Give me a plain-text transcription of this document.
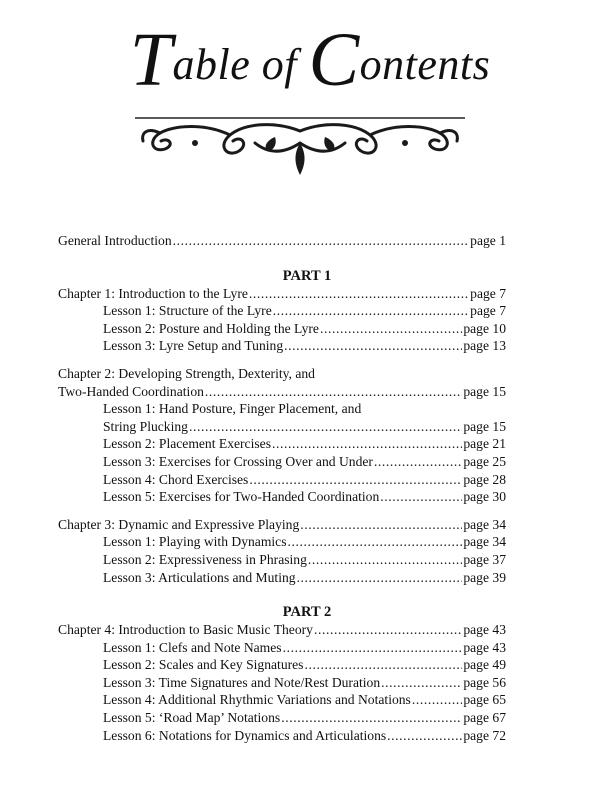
Table of Contents
General Introduction .....	page 1
PART 1
Chapter 1: Introduction to the Lyre .....	page 7
Lesson 1: Structure of the Lyre .....	page 7
Lesson 2: Posture and Holding the Lyre .....	page 10
Lesson 3: Lyre Setup and Tuning .....	page 13
Chapter 2: Developing Strength, Dexterity, and
Two-Handed Coordination .....	page 15
Lesson 1: Hand Posture, Finger Placement, and
String Plucking .....	page 15
Lesson 2: Placement Exercises .....	page 21
Lesson 3: Exercises for Crossing Over and Under .....	page 25
Lesson 4: Chord Exercises .....	page 28
Lesson 5: Exercises for Two-Handed Coordination .....	page 30
Chapter 3: Dynamic and Expressive Playing .....	page 34
Lesson 1: Playing with Dynamics .....	page 34
Lesson 2: Expressiveness in Phrasing .....	page 37
Lesson 3: Articulations and Muting .....	page 39
PART 2
Chapter 4: Introduction to Basic Music Theory .....	page 43
Lesson 1: Clefs and Note Names .....	page 43
Lesson 2: Scales and Key Signatures .....	page 49
Lesson 3: Time Signatures and Note/Rest Duration .....	page 56
Lesson 4: Additional Rhythmic Variations and Notations .....	page 65
Lesson 5: ‘Road Map’ Notations .....	page 67
Lesson 6: Notations for Dynamics and Articulations .....	page 72
